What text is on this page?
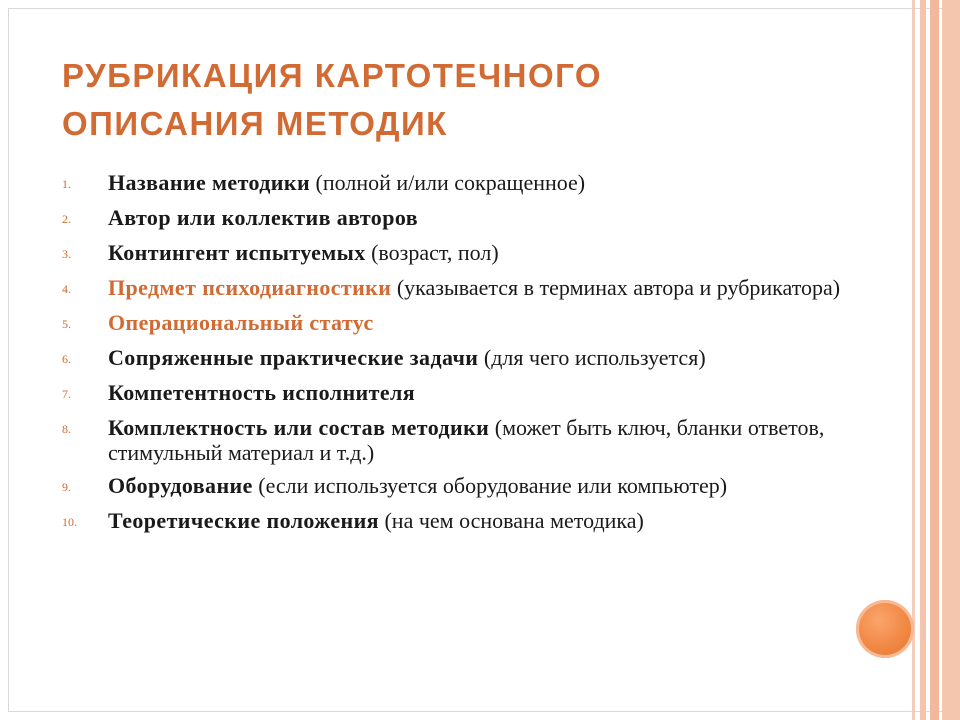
РУБРИКАЦИЯ КАРТОТЕЧНОГО
ОПИСАНИЯ МЕТОДИК
1.	Название методики (полной и/или сокращенное)
2.	Автор или коллектив авторов
3.	Контингент испытуемых (возраст, пол)
4.	Предмет психодиагностики (указывается в терминах автора и рубрикатора)
5.	Операциональный статус
6.	Сопряженные практические задачи (для чего используется)
7.	Компетентность исполнителя
8.	Комплектность или состав методики (может быть ключ, бланки ответов, стимульный материал и т.д.)
9.	Оборудование (если используется оборудование или компьютер)
10.	Теоретические положения (на чем основана методика)
